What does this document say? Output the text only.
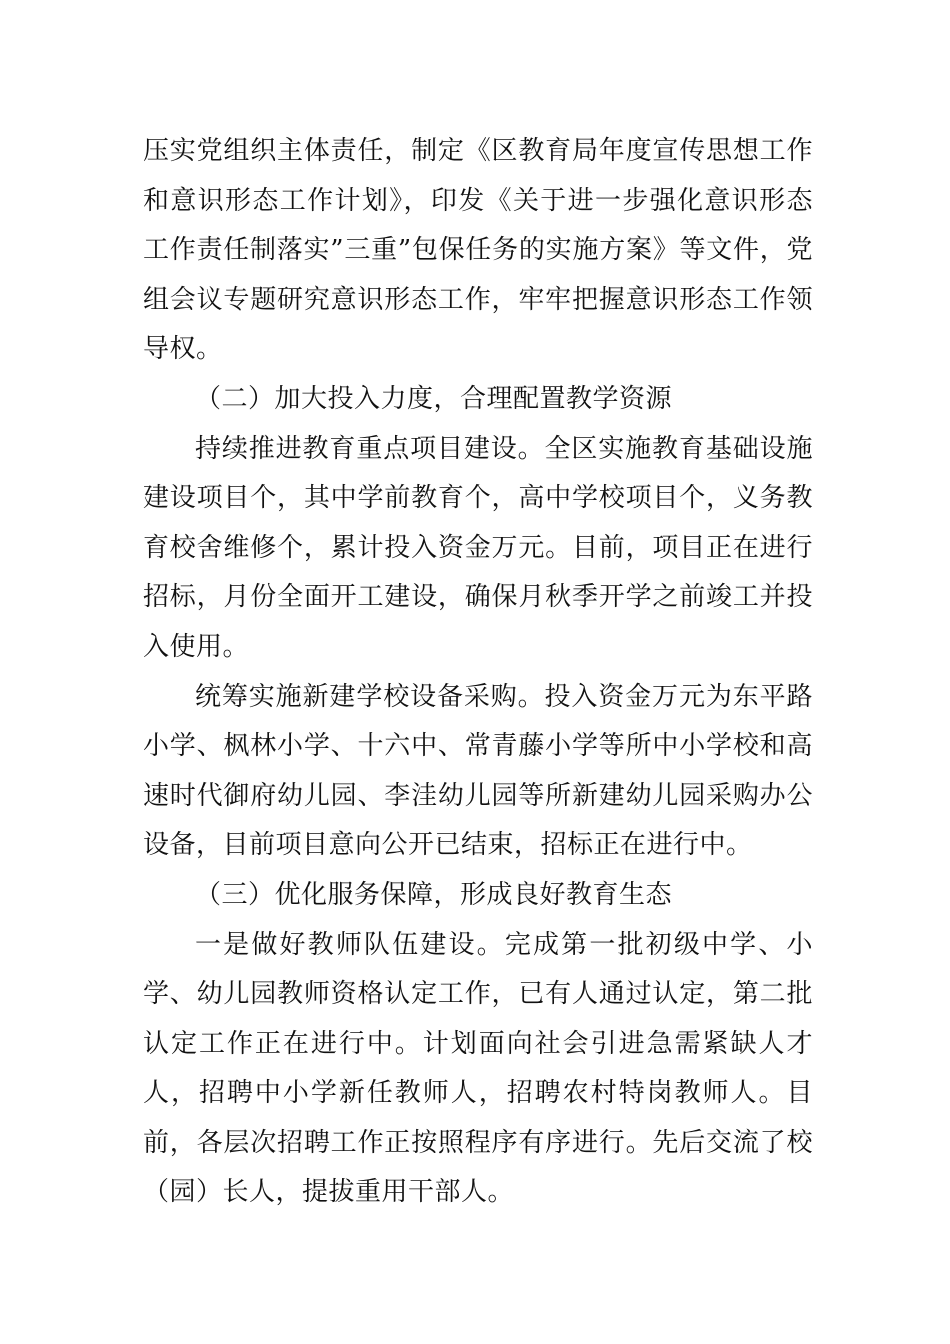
压实党组织主体责任，制定《区教育局年度宣传思想工作和意识形态工作计划》，印发《关于进一步强化意识形态工作责任制落实”三重”包保任务的实施方案》等文件，党组会议专题研究意识形态工作，牢牢把握意识形态工作领导权。

（二）加大投入力度，合理配置教学资源

持续推进教育重点项目建设。全区实施教育基础设施建设项目个，其中学前教育个，高中学校项目个，义务教育校舍维修个，累计投入资金万元。目前，项目正在进行招标，月份全面开工建设，确保月秋季开学之前竣工并投入使用。

统筹实施新建学校设备采购。投入资金万元为东平路小学、枫林小学、十六中、常青藤小学等所中小学校和高速时代御府幼儿园、李洼幼儿园等所新建幼儿园采购办公设备，目前项目意向公开已结束，招标正在进行中。

（三）优化服务保障，形成良好教育生态

一是做好教师队伍建设。完成第一批初级中学、小学、幼儿园教师资格认定工作，已有人通过认定，第二批认定工作正在进行中。计划面向社会引进急需紧缺人才人，招聘中小学新任教师人，招聘农村特岗教师人。目前，各层次招聘工作正按照程序有序进行。先后交流了校（园）长人，提拔重用干部人。
